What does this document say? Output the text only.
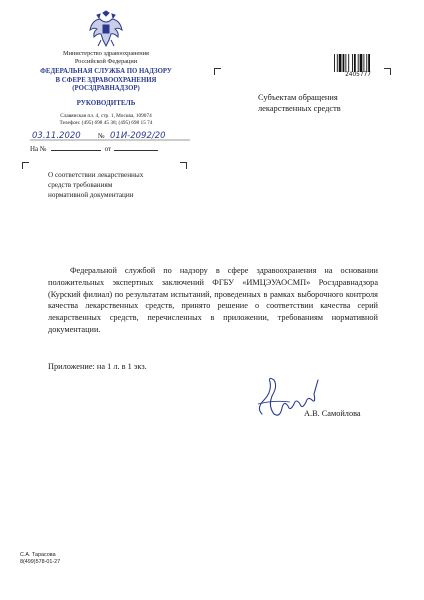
Министерство здравоохранения
Российской Федерации
ФЕДЕРАЛЬНАЯ СЛУЖБА ПО НАДЗОРУ
В СФЕРЕ ЗДРАВООХРАНЕНИЯ
(РОСЗДРАВНАДЗОР)
РУКОВОДИТЕЛЬ
Славянская пл. 4, стр. 1, Москва, 109074
Телефон: (495) 698 45 38; (495) 698 15 74
03.11.2020 № 01И-2092/20
На №	от
О соответствии лекарственных
средств требованиям
нормативной документации
2405777
Субъектам обращения
лекарственных средств
Федеральной службой по надзору в сфере здравоохранения на основании положительных экспертных заключений ФГБУ «ИМЦЭУАОСМП» Росздравнадзора (Курский филиал) по результатам испытаний, проведенных в рамках выборочного контроля качества лекарственных средств, принято решение о соответствии качества серий лекарственных средств, перечисленных в приложении, требованиям нормативной документации.
Приложение: на 1 л. в 1 экз.
А.В. Самойлова
С.А. Тарасова
8(499)578-01-27
